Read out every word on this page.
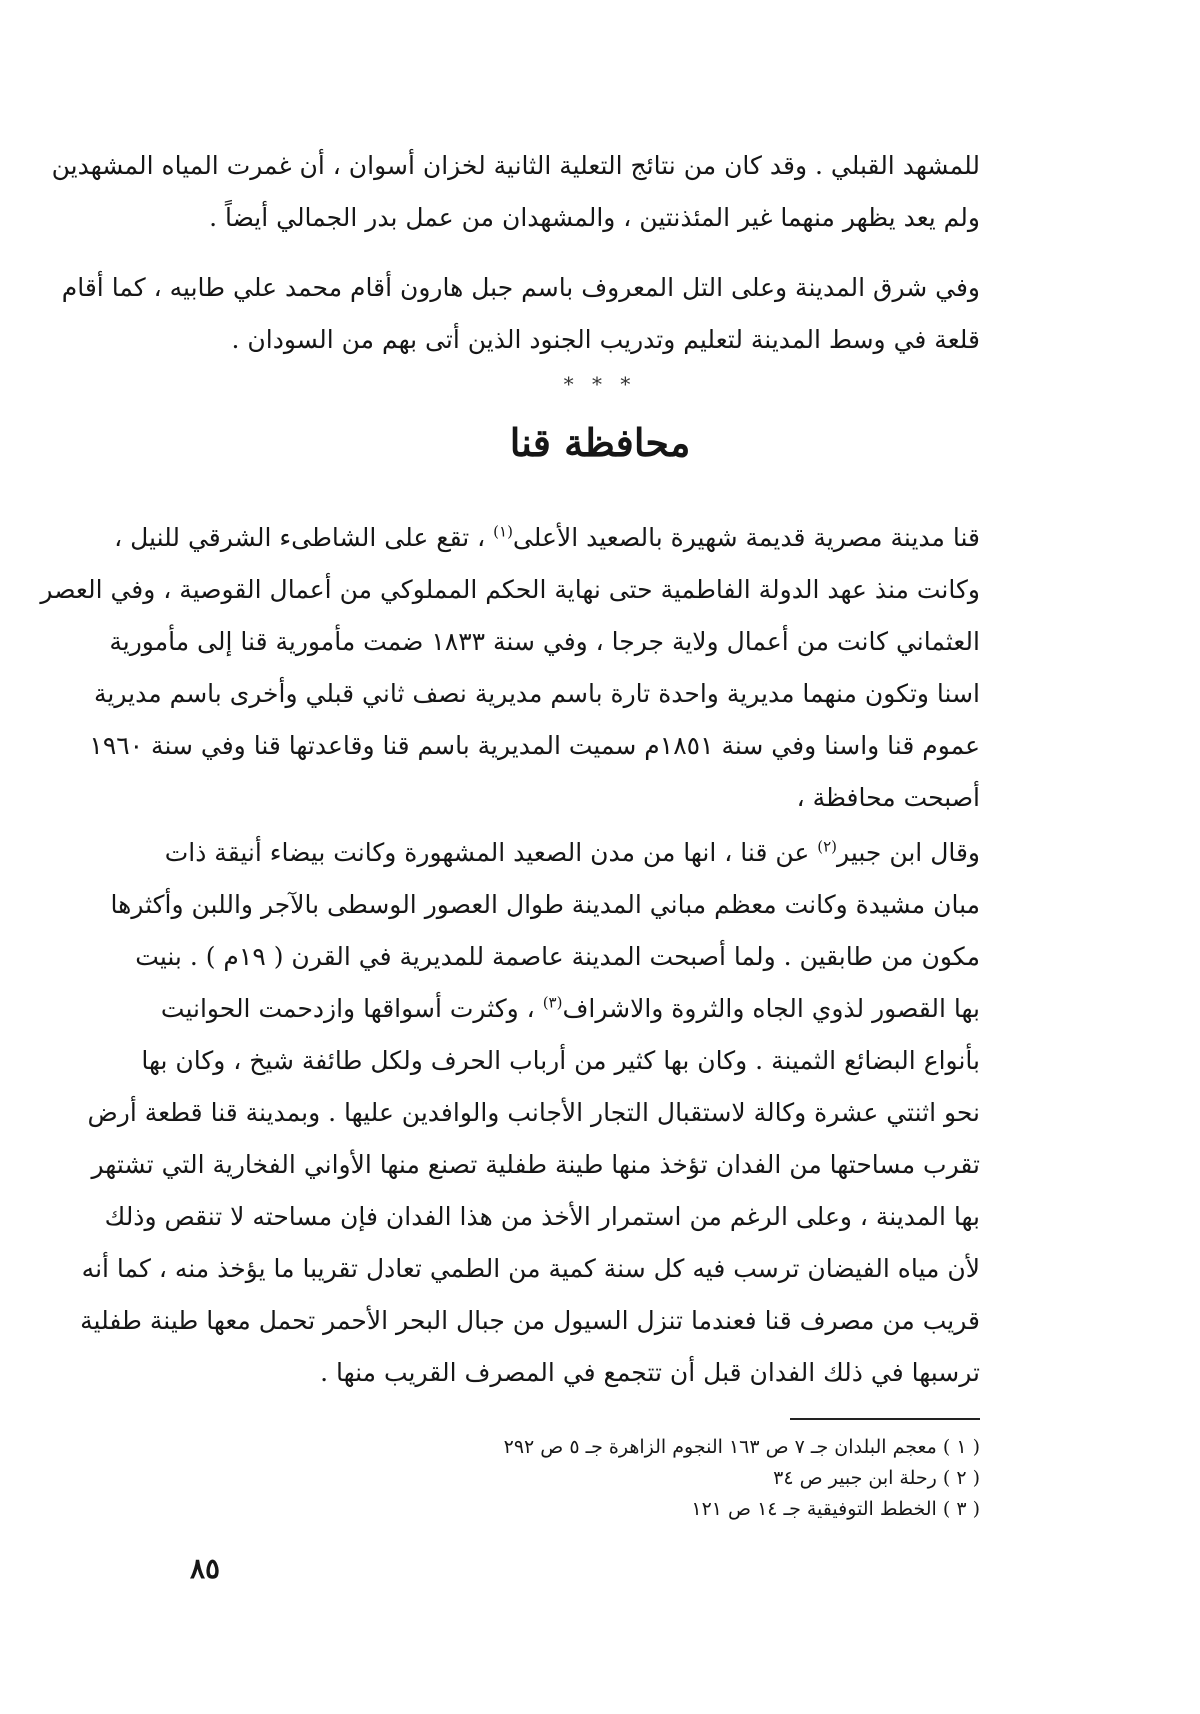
للمشهد القبلي . وقد كان من نتائج التعلية الثانية لخزان أسوان ، أن غمرت المياه المشهدين
ولم يعد يظهر منهما غير المئذنتين ، والمشهدان من عمل بدر الجمالي أيضاً .
وفي شرق المدينة وعلى التل المعروف باسم جبل هارون أقام محمد علي طابيه ، كما أقام
قلعة في وسط المدينة لتعليم وتدريب الجنود الذين أتى بهم من السودان .
* * *
محافظة قنا
قنا مدينة مصرية قديمة شهيرة بالصعيد الأعلى$^{(١)}$ ، تقع على الشاطىء الشرقي للنيل ،
وكانت منذ عهد الدولة الفاطمية حتى نهاية الحكم المملوكي من أعمال القوصية ، وفي العصر
العثماني كانت من أعمال ولاية جرجا ، وفي سنة ١٨٣٣ ضمت مأمورية قنا إلى مأمورية
اسنا وتكون منهما مديرية واحدة تارة باسم مديرية نصف ثاني قبلي وأخرى باسم مديرية
عموم قنا واسنا وفي سنة ١٨٥١م سميت المديرية باسم قنا وقاعدتها قنا وفي سنة ١٩٦٠
أصبحت محافظة ،
وقال ابن جبير$^{(٢)}$ عن قنا ، انها من مدن الصعيد المشهورة وكانت بيضاء أنيقة ذات
مبان مشيدة وكانت معظم مباني المدينة طوال العصور الوسطى بالآجر واللبن وأكثرها
مكون من طابقين . ولما أصبحت المدينة عاصمة للمديرية في القرن ( ١٩م ) . بنيت
بها القصور لذوي الجاه والثروة والاشراف$^{(٣)}$ ، وكثرت أسواقها وازدحمت الحوانيت
بأنواع البضائع الثمينة . وكان بها كثير من أرباب الحرف ولكل طائفة شيخ ، وكان بها
نحو اثنتي عشرة وكالة لاستقبال التجار الأجانب والوافدين عليها . وبمدينة قنا قطعة أرض
تقرب مساحتها من الفدان تؤخذ منها طينة طفلية تصنع منها الأواني الفخارية التي تشتهر
بها المدينة ، وعلى الرغم من استمرار الأخذ من هذا الفدان فإن مساحته لا تنقص وذلك
لأن مياه الفيضان ترسب فيه كل سنة كمية من الطمي تعادل تقريبا ما يؤخذ منه ، كما أنه
قريب من مصرف قنا فعندما تنزل السيول من جبال البحر الأحمر تحمل معها طينة طفلية
ترسبها في ذلك الفدان قبل أن تتجمع في المصرف القريب منها .
( ١ ) معجم البلدان جـ ٧ ص ١٦٣ النجوم الزاهرة جـ ٥ ص ٢٩٢
( ٢ ) رحلة ابن جبير ص ٣٤
( ٣ ) الخطط التوفيقية جـ ١٤ ص ١٢١
٨٥
